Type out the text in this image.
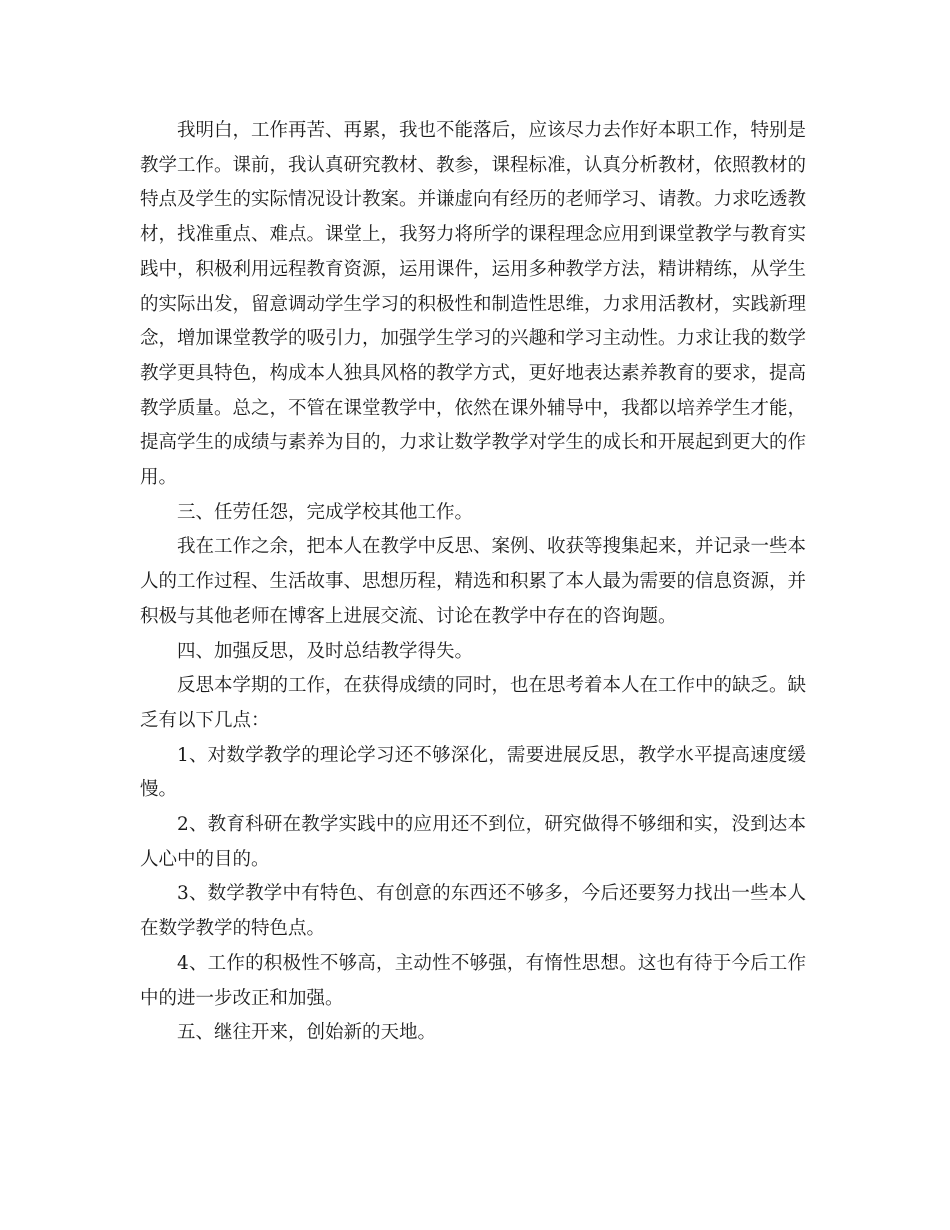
我明白，工作再苦、再累，我也不能落后，应该尽力去作好本职工作，特别是教学工作。课前，我认真研究教材、教参，课程标准，认真分析教材，依照教材的特点及学生的实际情况设计教案。并谦虚向有经历的老师学习、请教。力求吃透教材，找准重点、难点。课堂上，我努力将所学的课程理念应用到课堂教学与教育实践中，积极利用远程教育资源，运用课件，运用多种教学方法，精讲精练，从学生的实际出发，留意调动学生学习的积极性和制造性思维，力求用活教材，实践新理念，增加课堂教学的吸引力，加强学生学习的兴趣和学习主动性。力求让我的数学教学更具特色，构成本人独具风格的教学方式，更好地表达素养教育的要求，提高教学质量。总之，不管在课堂教学中，依然在课外辅导中，我都以培养学生才能，提高学生的成绩与素养为目的，力求让数学教学对学生的成长和开展起到更大的作用。

三、任劳任怨，完成学校其他工作。

我在工作之余，把本人在教学中反思、案例、收获等搜集起来，并记录一些本人的工作过程、生活故事、思想历程，精选和积累了本人最为需要的信息资源，并积极与其他老师在博客上进展交流、讨论在教学中存在的咨询题。

四、加强反思，及时总结教学得失。

反思本学期的工作，在获得成绩的同时，也在思考着本人在工作中的缺乏。缺乏有以下几点：

1、对数学教学的理论学习还不够深化，需要进展反思，教学水平提高速度缓慢。

2、教育科研在教学实践中的应用还不到位，研究做得不够细和实，没到达本人心中的目的。

3、数学教学中有特色、有创意的东西还不够多，今后还要努力找出一些本人在数学教学的特色点。

4、工作的积极性不够高，主动性不够强，有惰性思想。这也有待于今后工作中的进一步改正和加强。

五、继往开来，创始新的天地。
